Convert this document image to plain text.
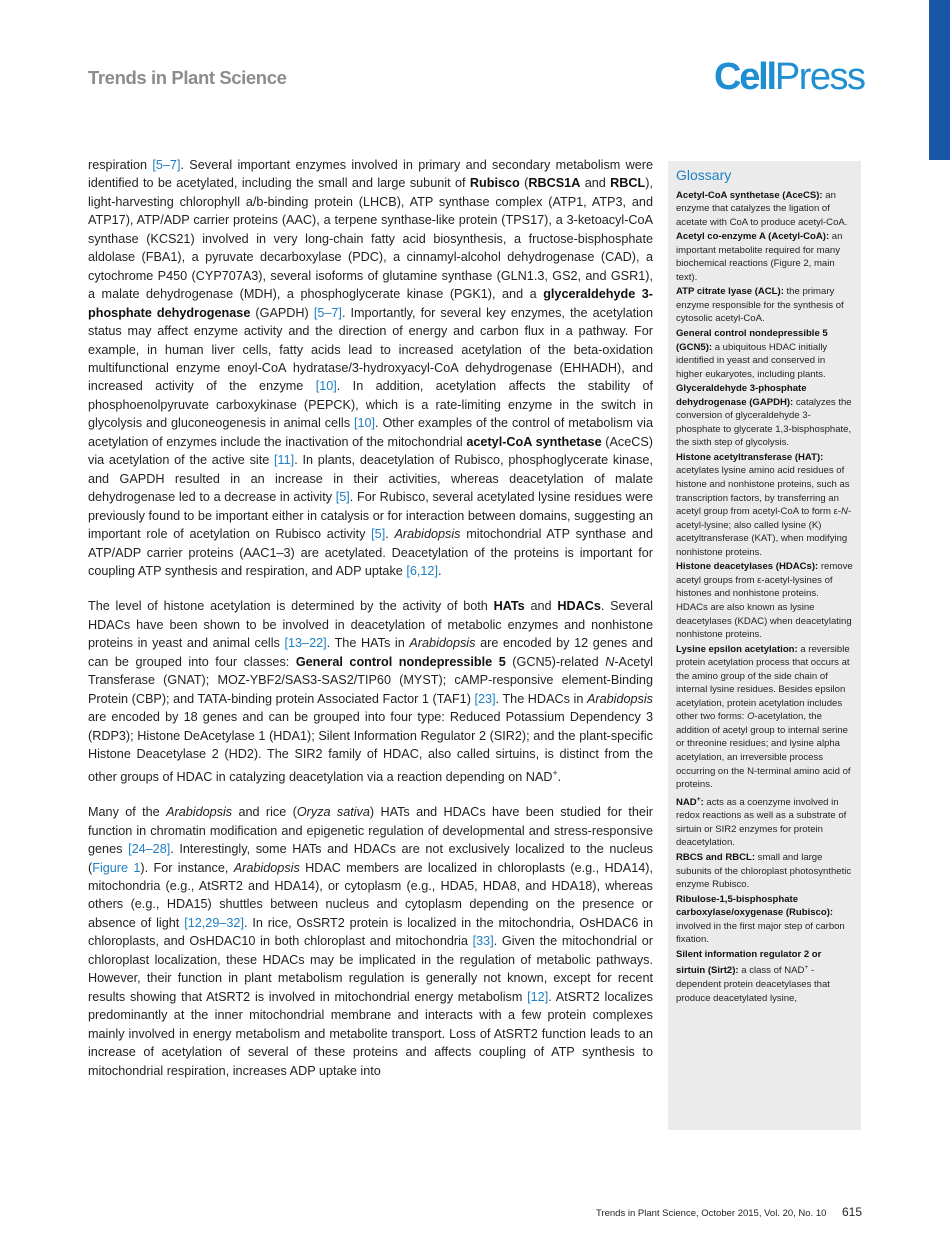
Trends in Plant Science	CellPress

respiration [5–7]. Several important enzymes involved in primary and secondary metabolism were identified to be acetylated, including the small and large subunit of Rubisco (RBCS1A and RBCL), light-harvesting chlorophyll a/b-binding protein (LHCB), ATP synthase complex (ATP1, ATP3, and ATP17), ATP/ADP carrier proteins (AAC), a terpene synthase-like protein (TPS17), a 3-ketoacyl-CoA synthase (KCS21) involved in very long-chain fatty acid biosynthesis, a fructose-bisphosphate aldolase (FBA1), a pyruvate decarboxylase (PDC), a cinnamyl-alcohol dehydrogenase (CAD), a cytochrome P450 (CYP707A3), several isoforms of glutamine synthase (GLN1.3, GS2, and GSR1), a malate dehydrogenase (MDH), a phosphoglycerate kinase (PGK1), and a glyceraldehyde 3-phosphate dehydrogenase (GAPDH) [5–7]. Importantly, for several key enzymes, the acetylation status may affect enzyme activity and the direction of energy and carbon flux in a pathway. For example, in human liver cells, fatty acids lead to increased acetylation of the beta-oxidation multifunctional enzyme enoyl-CoA hydratase/3-hydroxyacyl-CoA dehydrogenase (EHHADH), and increased activity of the enzyme [10]. In addition, acetylation affects the stability of phosphoenolpyruvate carboxykinase (PEPCK), which is a rate-limiting enzyme in the switch in glycolysis and gluconeogenesis in animal cells [10]. Other examples of the control of metabolism via acetylation of enzymes include the inactivation of the mitochondrial acetyl-CoA synthetase (AceCS) via acetylation of the active site [11]. In plants, deacetylation of Rubisco, phosphoglycerate kinase, and GAPDH resulted in an increase in their activities, whereas deacetylation of malate dehydrogenase led to a decrease in activity [5]. For Rubisco, several acetylated lysine residues were previously found to be important either in catalysis or for interaction between domains, suggesting an important role of acetylation on Rubisco activity [5]. Arabidopsis mitochondrial ATP synthase and ATP/ADP carrier proteins (AAC1–3) are acetylated. Deacetylation of the proteins is important for coupling ATP synthesis and respiration, and ADP uptake [6,12].

The level of histone acetylation is determined by the activity of both HATs and HDACs. Several HDACs have been shown to be involved in deacetylation of metabolic enzymes and nonhistone proteins in yeast and animal cells [13–22]. The HATs in Arabidopsis are encoded by 12 genes and can be grouped into four classes: General control nondepressible 5 (GCN5)-related N-Acetyl Transferase (GNAT); MOZ-YBF2/SAS3-SAS2/TIP60 (MYST); cAMP-responsive element-Binding Protein (CBP); and TATA-binding protein Associated Factor 1 (TAF1) [23]. The HDACs in Arabidopsis are encoded by 18 genes and can be grouped into four type: Reduced Potassium Dependency 3 (RDP3); Histone DeAcetylase 1 (HDA1); Silent Information Regulator 2 (SIR2); and the plant-specific Histone Deacetylase 2 (HD2). The SIR2 family of HDAC, also called sirtuins, is distinct from the other groups of HDAC in catalyzing deacetylation via a reaction depending on NAD+.

Many of the Arabidopsis and rice (Oryza sativa) HATs and HDACs have been studied for their function in chromatin modification and epigenetic regulation of developmental and stress-responsive genes [24–28]. Interestingly, some HATs and HDACs are not exclusively localized to the nucleus (Figure 1). For instance, Arabidopsis HDAC members are localized in chloroplasts (e.g., HDA14), mitochondria (e.g., AtSRT2 and HDA14), or cytoplasm (e.g., HDA5, HDA8, and HDA18), whereas others (e.g., HDA15) shuttles between nucleus and cytoplasm depending on the presence or absence of light [12,29–32]. In rice, OsSRT2 protein is localized in the mitochondria, OsHDAC6 in chloroplasts, and OsHDAC10 in both chloroplast and mitochondria [33]. Given the mitochondrial or chloroplast localization, these HDACs may be implicated in the regulation of metabolic pathways. However, their function in plant metabolism regulation is generally not known, except for recent results showing that AtSRT2 is involved in mitochondrial energy metabolism [12]. AtSRT2 localizes predominantly at the inner mitochondrial membrane and interacts with a few protein complexes mainly involved in energy metabolism and metabolite transport. Loss of AtSRT2 function leads to an increase of acetylation of several of these proteins and affects coupling of ATP synthesis to mitochondrial respiration, increases ADP uptake into

Glossary
Acetyl-CoA synthetase (AceCS): an enzyme that catalyzes the ligation of acetate with CoA to produce acetyl-CoA.
Acetyl co-enzyme A (Acetyl-CoA): an important metabolite required for many biochemical reactions (Figure 2, main text).
ATP citrate lyase (ACL): the primary enzyme responsible for the synthesis of cytosolic acetyl-CoA.
General control nondepressible 5 (GCN5): a ubiquitous HDAC initially identified in yeast and conserved in higher eukaryotes, including plants.
Glyceraldehyde 3-phosphate dehydrogenase (GAPDH): catalyzes the conversion of glyceraldehyde 3-phosphate to glycerate 1,3-bisphosphate, the sixth step of glycolysis.
Histone acetyltransferase (HAT): acetylates lysine amino acid residues of histone and nonhistone proteins, such as transcription factors, by transferring an acetyl group from acetyl-CoA to form ε-N-acetyl-lysine; also called lysine (K) acetyltransferase (KAT), when modifying nonhistone proteins.
Histone deacetylases (HDACs): remove acetyl groups from ε-acetyl-lysines of histones and nonhistone proteins. HDACs are also known as lysine deacetylases (KDAC) when deacetylating nonhistone proteins.
Lysine epsilon acetylation: a reversible protein acetylation process that occurs at the amino group of the side chain of internal lysine residues. Besides epsilon acetylation, protein acetylation includes other two forms: O-acetylation, the addition of acetyl group to internal serine or threonine residues; and lysine alpha acetylation, an irreversible process occurring on the N-terminal amino acid of proteins.
NAD+: acts as a coenzyme involved in redox reactions as well as a substrate of sirtuin or SIR2 enzymes for protein deacetylation.
RBCS and RBCL: small and large subunits of the chloroplast photosynthetic enzyme Rubisco.
Ribulose-1,5-bisphosphate carboxylase/oxygenase (Rubisco): involved in the first major step of carbon fixation.
Silent information regulator 2 or sirtuin (Sirt2): a class of NAD+ -dependent protein deacetylases that produce deacetylated lysine,
Trends in Plant Science, October 2015, Vol. 20, No. 10 615
